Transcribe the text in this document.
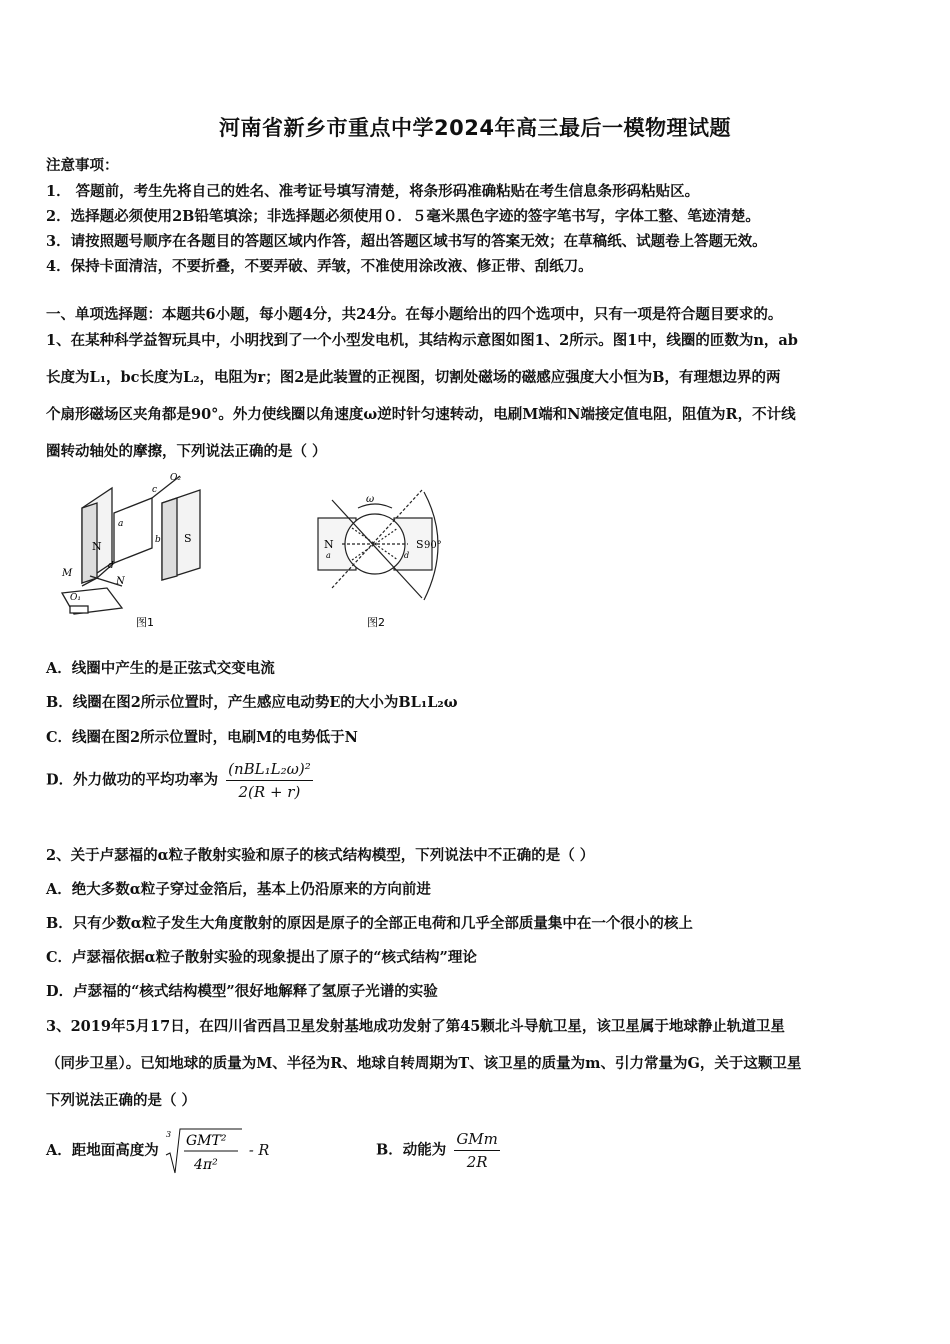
河南省新乡市重点中学2024年高三最后一模物理试题
注意事项：
1． 答题前，考生先将自己的姓名、准考证号填写清楚，将条形码准确粘贴在考生信息条形码粘贴区。
2．选择题必须使用2B铅笔填涂；非选择题必须使用０．５毫米黑色字迹的签字笔书写，字体工整、笔迹清楚。
3．请按照题号顺序在各题目的答题区域内作答，超出答题区域书写的答案无效；在草稿纸、试题卷上答题无效。
4．保持卡面清洁，不要折叠，不要弄破、弄皱，不准使用涂改液、修正带、刮纸刀。
一、单项选择题：本题共6小题，每小题4分，共24分。在每小题给出的四个选项中，只有一项是符合题目要求的。
1、在某种科学益智玩具中，小明找到了一个小型发电机，其结构示意图如图1、2所示。图1中，线圈的匝数为n，ab
长度为L₁，bc长度为L₂，电阻为r；图2是此装置的正视图，切割处磁场的磁感应强度大小恒为B，有理想边界的两
个扇形磁场区夹角都是90°。外力使线圈以角速度ω逆时针匀速转动，电刷M端和N端接定值电阻，阻值为R，不计线
圈转动轴处的摩擦，下列说法正确的是（ ）
N
S
a
b
c
d
O₁
O₂
M
N
图1
ω
N	S 90°
a	d
图2
A．线圈中产生的是正弦式交变电流
B．线圈在图2所示位置时，产生感应电动势E的大小为BL₁L₂ω
C．线圈在图2所示位置时，电刷M的电势低于N
D．外力做功的平均功率为 $\frac{\text{(nBL₁L₂ω)²}}{2(R + r)}$
2、关于卢瑟福的α粒子散射实验和原子的核式结构模型，下列说法中不正确的是（ ）
A．绝大多数α粒子穿过金箔后，基本上仍沿原来的方向前进
B．只有少数α粒子发生大角度散射的原因是原子的全部正电荷和几乎全部质量集中在一个很小的核上
C．卢瑟福依据α粒子散射实验的现象提出了原子的“核式结构”理论
D．卢瑟福的“核式结构模型”很好地解释了氢原子光谱的实验
3、2019年5月17日，在四川省西昌卫星发射基地成功发射了第45颗北斗导航卫星，该卫星属于地球静止轨道卫星
（同步卫星）。已知地球的质量为M、半径为R、地球自转周期为T、该卫星的质量为m、引力常量为G，关于这颗卫星
下列说法正确的是（ ）
A．距地面高度为
3 GMT²
4π²
- R	B．动能为 $\frac{\text{GMm}}{2R}$
